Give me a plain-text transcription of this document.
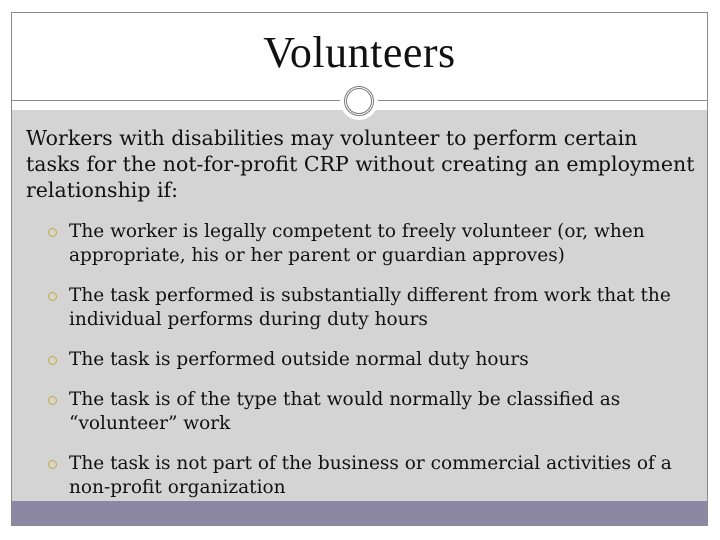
Volunteers
Workers with disabilities may volunteer to perform certain tasks for the not-for-profit CRP without creating an employment relationship if:
The worker is legally competent to freely volunteer (or, when appropriate, his or her parent or guardian approves)
The task performed is substantially different from work that the individual performs during duty hours
The task is performed outside normal duty hours
The task is of the type that would normally be classified as “volunteer” work
The task is not part of the business or commercial activities of a non-profit organization
